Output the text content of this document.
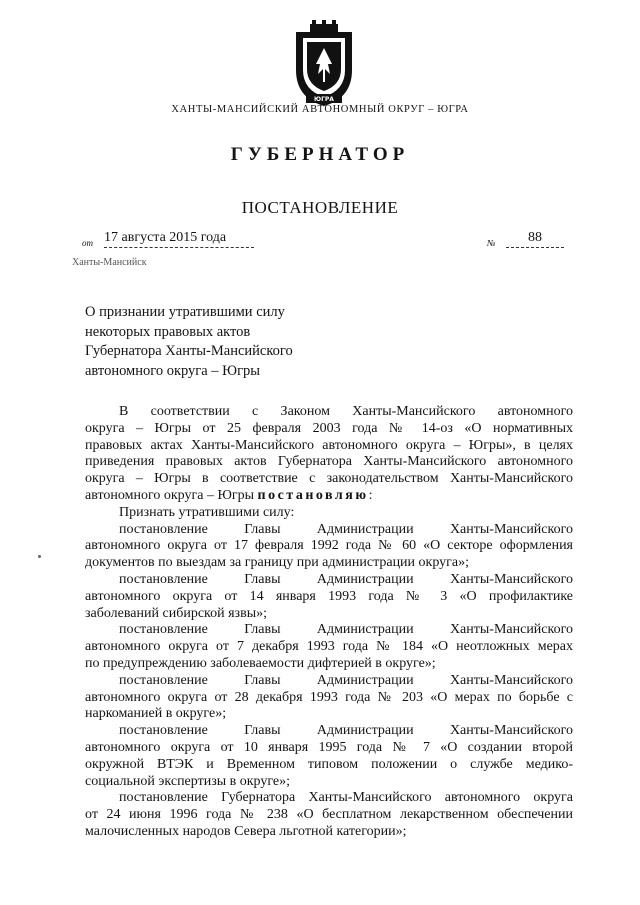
ЮГРА
ХАНТЫ-МАНСИЙСКИЙ АВТОНОМНЫЙ ОКРУГ – ЮГРА
ГУБЕРНАТОР
ПОСТАНОВЛЕНИЕ
от 17 августа 2015 года	№	88
Ханты-Мансийск
О признании утратившими силу
некоторых правовых актов
Губернатора Ханты-Мансийского
автономного округа – Югры

В соответствии с Законом Ханты-Мансийского автономного

округа – Югры от 25 февраля 2003 года № 14-оз «О нормативных

правовых актах Ханты-Мансийского автономного округа – Югры», в целях

приведения правовых актов Губернатора Ханты-Мансийского автономного

округа – Югры в соответствие с законодательством Ханты-Мансийского

автономного округа – Югры постановляю:

Признать утратившими силу:

постановление Главы Администрации Ханты-Мансийского

автономного округа от 17 февраля 1992 года № 60 «О секторе оформления

документов по выездам за границу при администрации округа»;

постановление Главы Администрации Ханты-Мансийского

автономного округа от 14 января 1993 года № 3 «О профилактике

заболеваний сибирской язвы»;

постановление Главы Администрации Ханты-Мансийского

автономного округа от 7 декабря 1993 года № 184 «О неотложных мерах

по предупреждению заболеваемости дифтерией в округе»;

постановление Главы Администрации Ханты-Мансийского

автономного округа от 28 декабря 1993 года № 203 «О мерах по борьбе с

наркоманией в округе»;

постановление Главы Администрации Ханты-Мансийского

автономного округа от 10 января 1995 года № 7 «О создании второй

окружной ВТЭК и Временном типовом положении о службе медико-

социальной экспертизы в округе»;

постановление Губернатора Ханты-Мансийского автономного округа

от 24 июня 1996 года № 238 «О бесплатном лекарственном обеспечении

малочисленных народов Севера льготной категории»;
